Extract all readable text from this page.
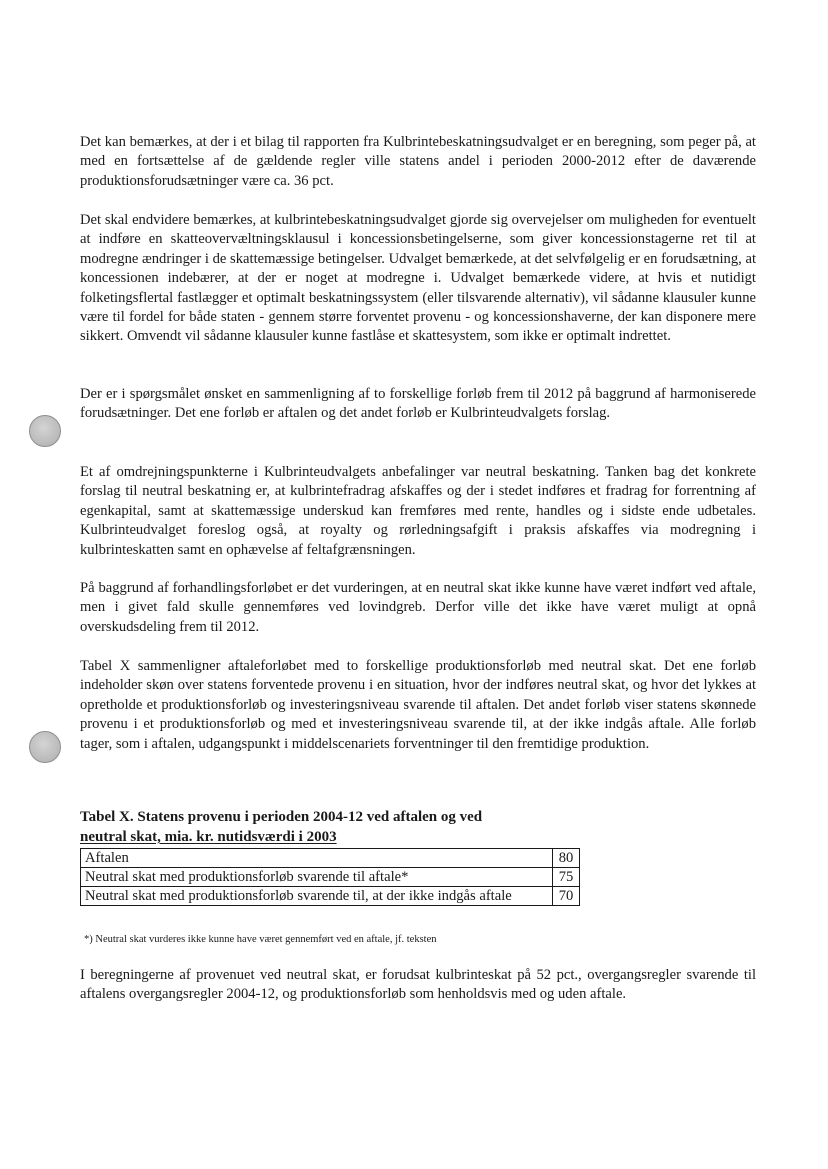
Det kan bemærkes, at der i et bilag til rapporten fra Kulbrintebeskatningsudvalget er en beregning, som peger på, at med en fortsættelse af de gældende regler ville statens andel i perioden 2000-2012 efter de daværende produktionsforudsætninger være ca. 36 pct.

Det skal endvidere bemærkes, at kulbrintebeskatningsudvalget gjorde sig overvejelser om muligheden for eventuelt at indføre en skatteovervæltningsklausul i koncessionsbetingelserne, som giver koncessionstagerne ret til at modregne ændringer i de skattemæssige betingelser. Udvalget bemærkede, at det selvfølgelig er en forudsætning, at koncessionen indebærer, at der er noget at modregne i. Udvalget bemærkede videre, at hvis et nutidigt folketingsflertal fastlægger et optimalt beskatningssystem (eller tilsvarende alternativ), vil sådanne klausuler kunne være til fordel for både staten - gennem større forventet provenu - og koncessionshaverne, der kan disponere mere sikkert. Omvendt vil sådanne klausuler kunne fastlåse et skattesystem, som ikke er optimalt indrettet.

Der er i spørgsmålet ønsket en sammenligning af to forskellige forløb frem til 2012 på baggrund af harmoniserede forudsætninger. Det ene forløb er aftalen og det andet forløb er Kulbrinteudvalgets forslag.

Et af omdrejningspunkterne i Kulbrinteudvalgets anbefalinger var neutral beskatning. Tanken bag det konkrete forslag til neutral beskatning er, at kulbrintefradrag afskaffes og der i stedet indføres et fradrag for forrentning af egenkapital, samt at skattemæssige underskud kan fremføres med rente, handles og i sidste ende udbetales. Kulbrinteudvalget foreslog også, at royalty og rørledningsafgift i praksis afskaffes via modregning i kulbrinteskatten samt en ophævelse af feltafgrænsningen.

På baggrund af forhandlingsforløbet er det vurderingen, at en neutral skat ikke kunne have været indført ved aftale, men i givet fald skulle gennemføres ved lovindgreb. Derfor ville det ikke have været muligt at opnå overskudsdeling frem til 2012.

Tabel X sammenligner aftaleforløbet med to forskellige produktionsforløb med neutral skat. Det ene forløb indeholder skøn over statens forventede provenu i en situation, hvor der indføres neutral skat, og hvor det lykkes at opretholde et produktionsforløb og investeringsniveau svarende til aftalen. Det andet forløb viser statens skønnede provenu i et produktionsforløb og med et investeringsniveau svarende til, at der ikke indgås aftale. Alle forløb tager, som i aftalen, udgangspunkt i middelscenariets forventninger til den fremtidige produktion.

Tabel X. Statens provenu i perioden 2004-12 ved aftalen og ved
neutral skat, mia. kr. nutidsværdi i 2003

Aftalen	80
Neutral skat med produktionsforløb svarende til aftale*	75
Neutral skat med produktionsforløb svarende til, at der ikke indgås aftale	70

*) Neutral skat vurderes ikke kunne have været gennemført ved en aftale, jf. teksten

I beregningerne af provenuet ved neutral skat, er forudsat kulbrinteskat på 52 pct., overgangsregler svarende til aftalens overgangsregler 2004-12, og produktionsforløb som henholdsvis med og uden aftale.
